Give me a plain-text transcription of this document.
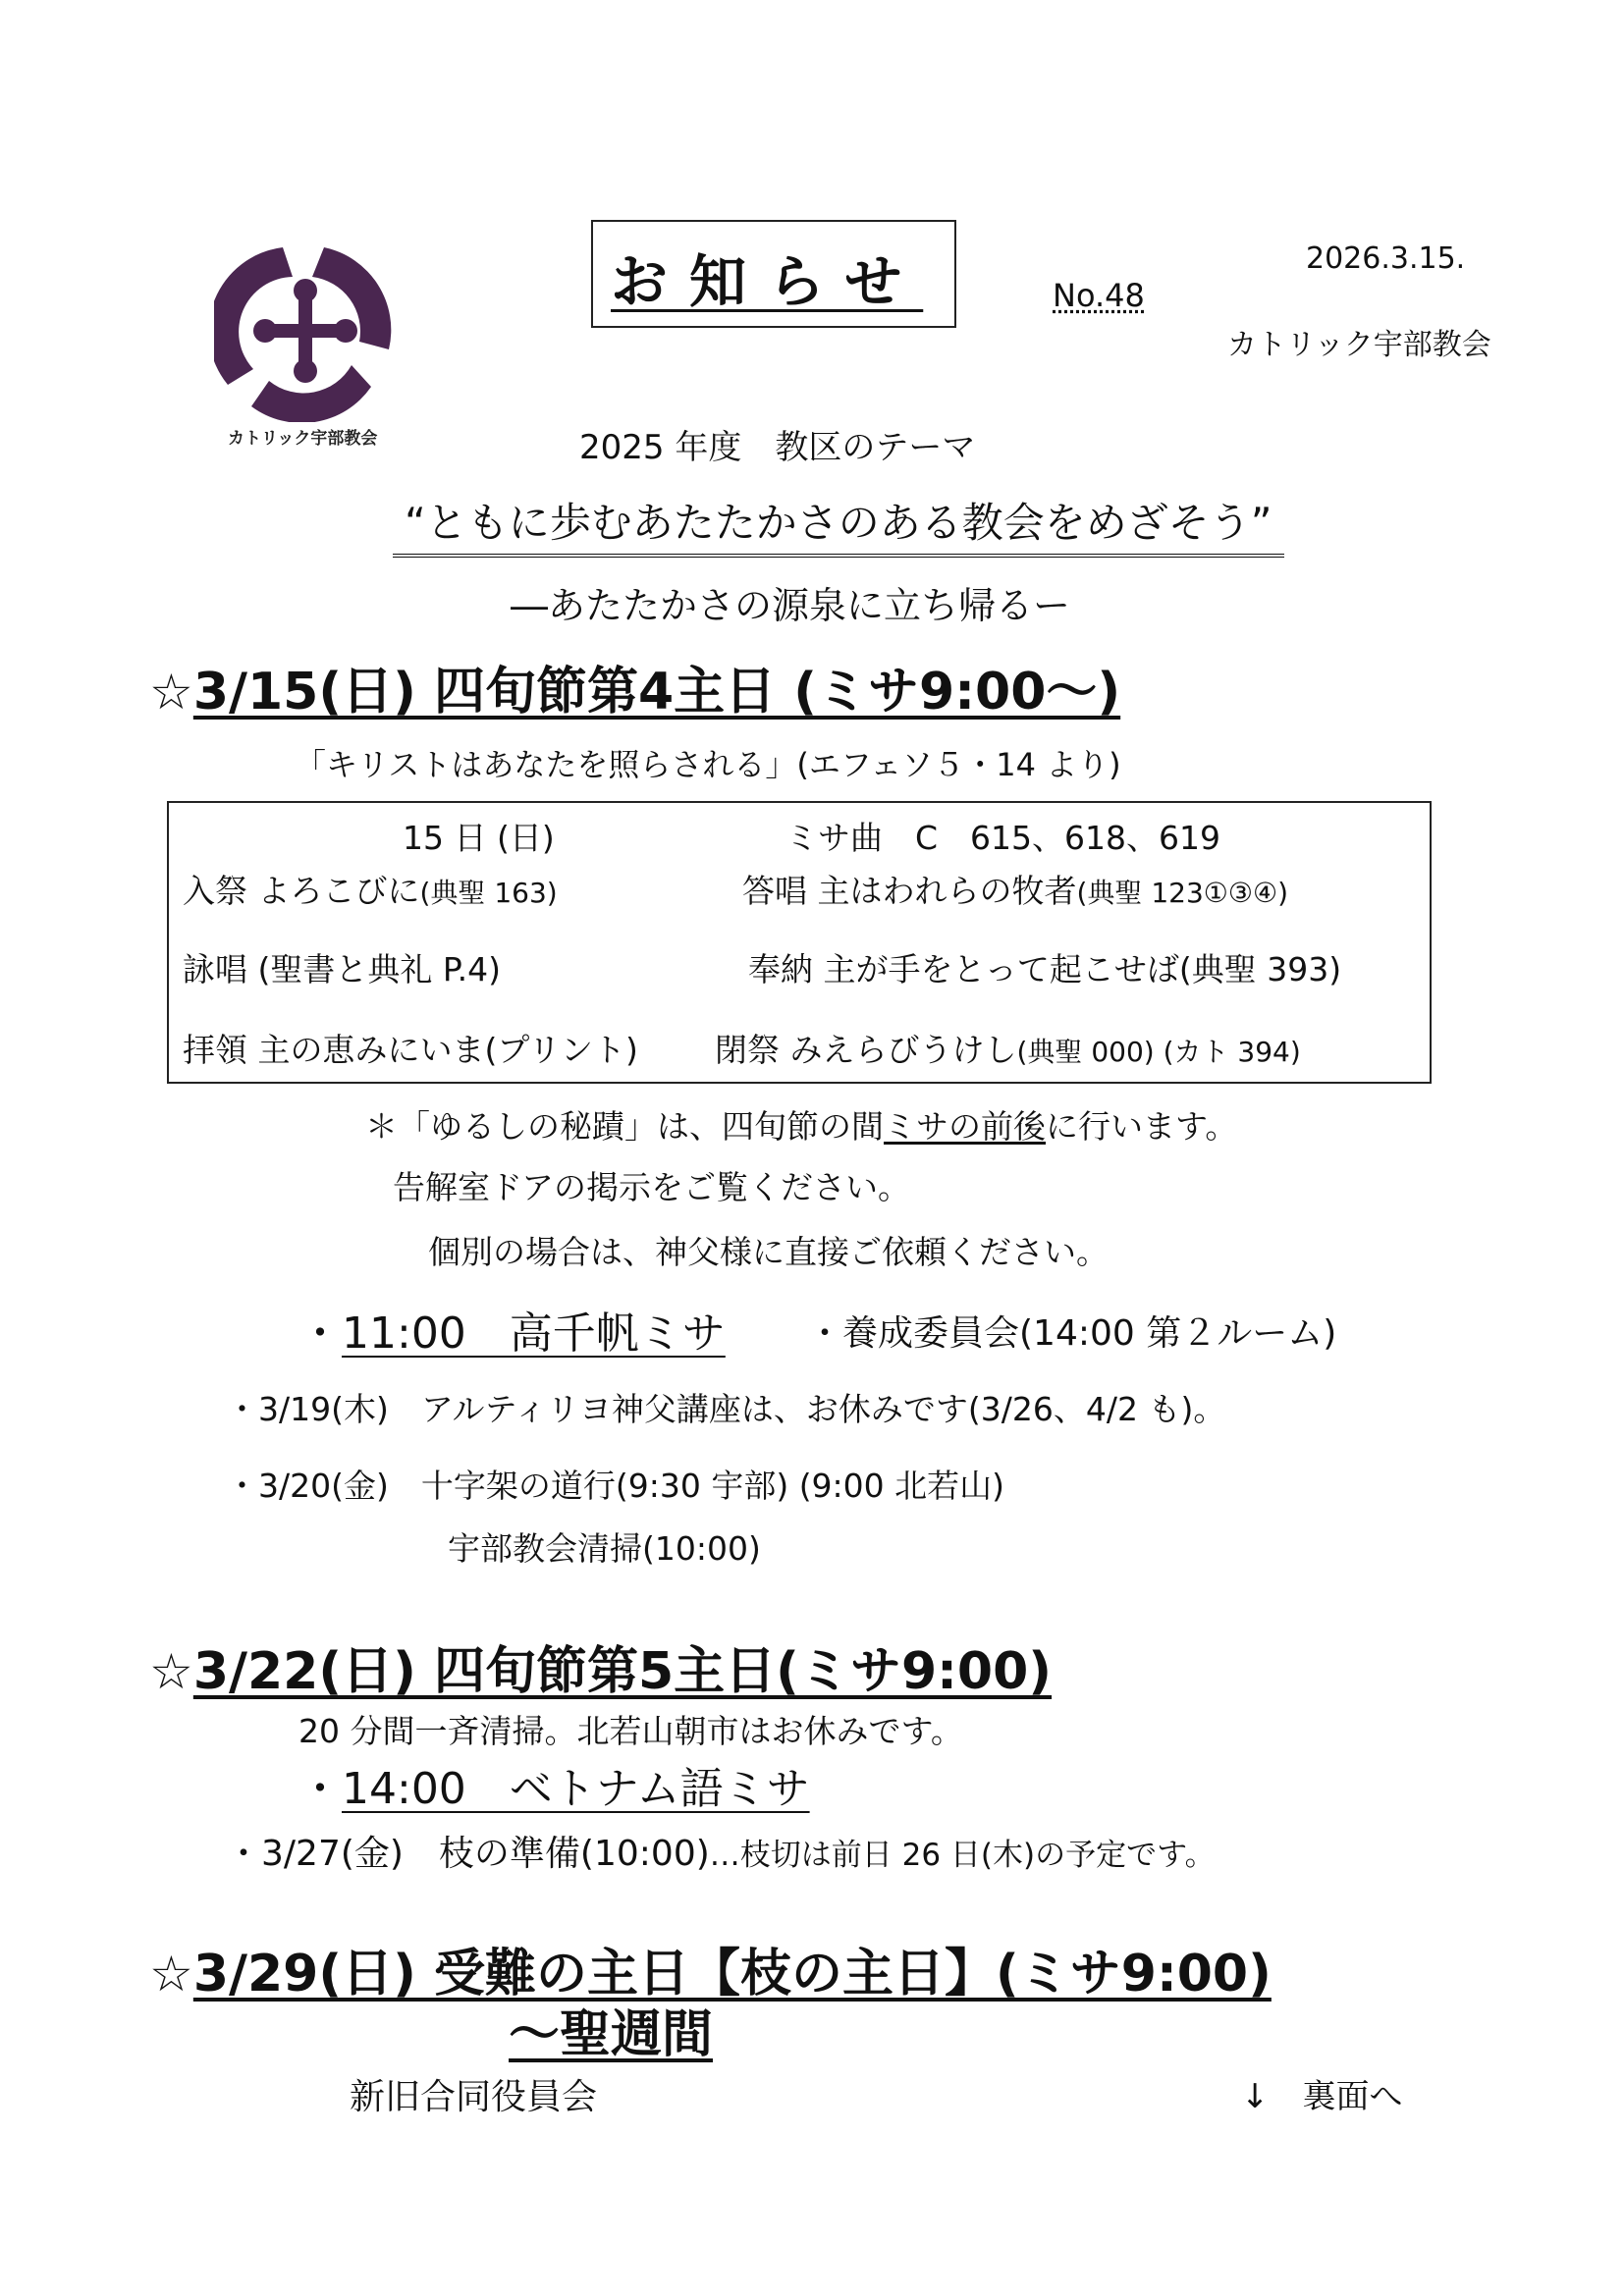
カトリック宇部教会
お知らせ	No.48
2026.3.15.
カトリック宇部教会
2025 年度　教区のテーマ
“ともに歩むあたたかさのある教会をめざそう”
―あたたかさの源泉に立ち帰るー
☆3/15(日) 四旬節第4主日 (ミサ9:00〜)
「キリストはあなたを照らされる」(エフェソ５・14 より)
15 日 (日)	ミサ曲　C　615、618、619
入祭 よろこびに(典聖 163)	答唱 主はわれらの牧者(典聖 123①③④)
詠唱 (聖書と典礼 P.4)	奉納 主が手をとって起こせば(典聖 393)
拝領 主の恵みにいま(プリント) 閉祭 みえらびうけし(典聖 000) (カト 394)
＊「ゆるしの秘蹟」は、四旬節の間ミサの前後に行います。
告解室ドアの掲示をご覧ください。
個別の場合は、神父様に直接ご依頼ください。
・11:00　高千帆ミサ ・養成委員会(14:00 第２ルーム)
・3/19(木)　アルティリヨ神父講座は、お休みです(3/26、4/2 も)。
・3/20(金)　十字架の道行(9:30 宇部) (9:00 北若山)
宇部教会清掃(10:00)
☆3/22(日) 四旬節第5主日(ミサ9:00)
20 分間一斉清掃。北若山朝市はお休みです。
・14:00　ベトナム語ミサ
・3/27(金)　枝の準備(10:00)…枝切は前日 26 日(木)の予定です。
☆3/29(日) 受難の主日【枝の主日】(ミサ9:00)
〜聖週間
新旧合同役員会	↓　裏面へ
